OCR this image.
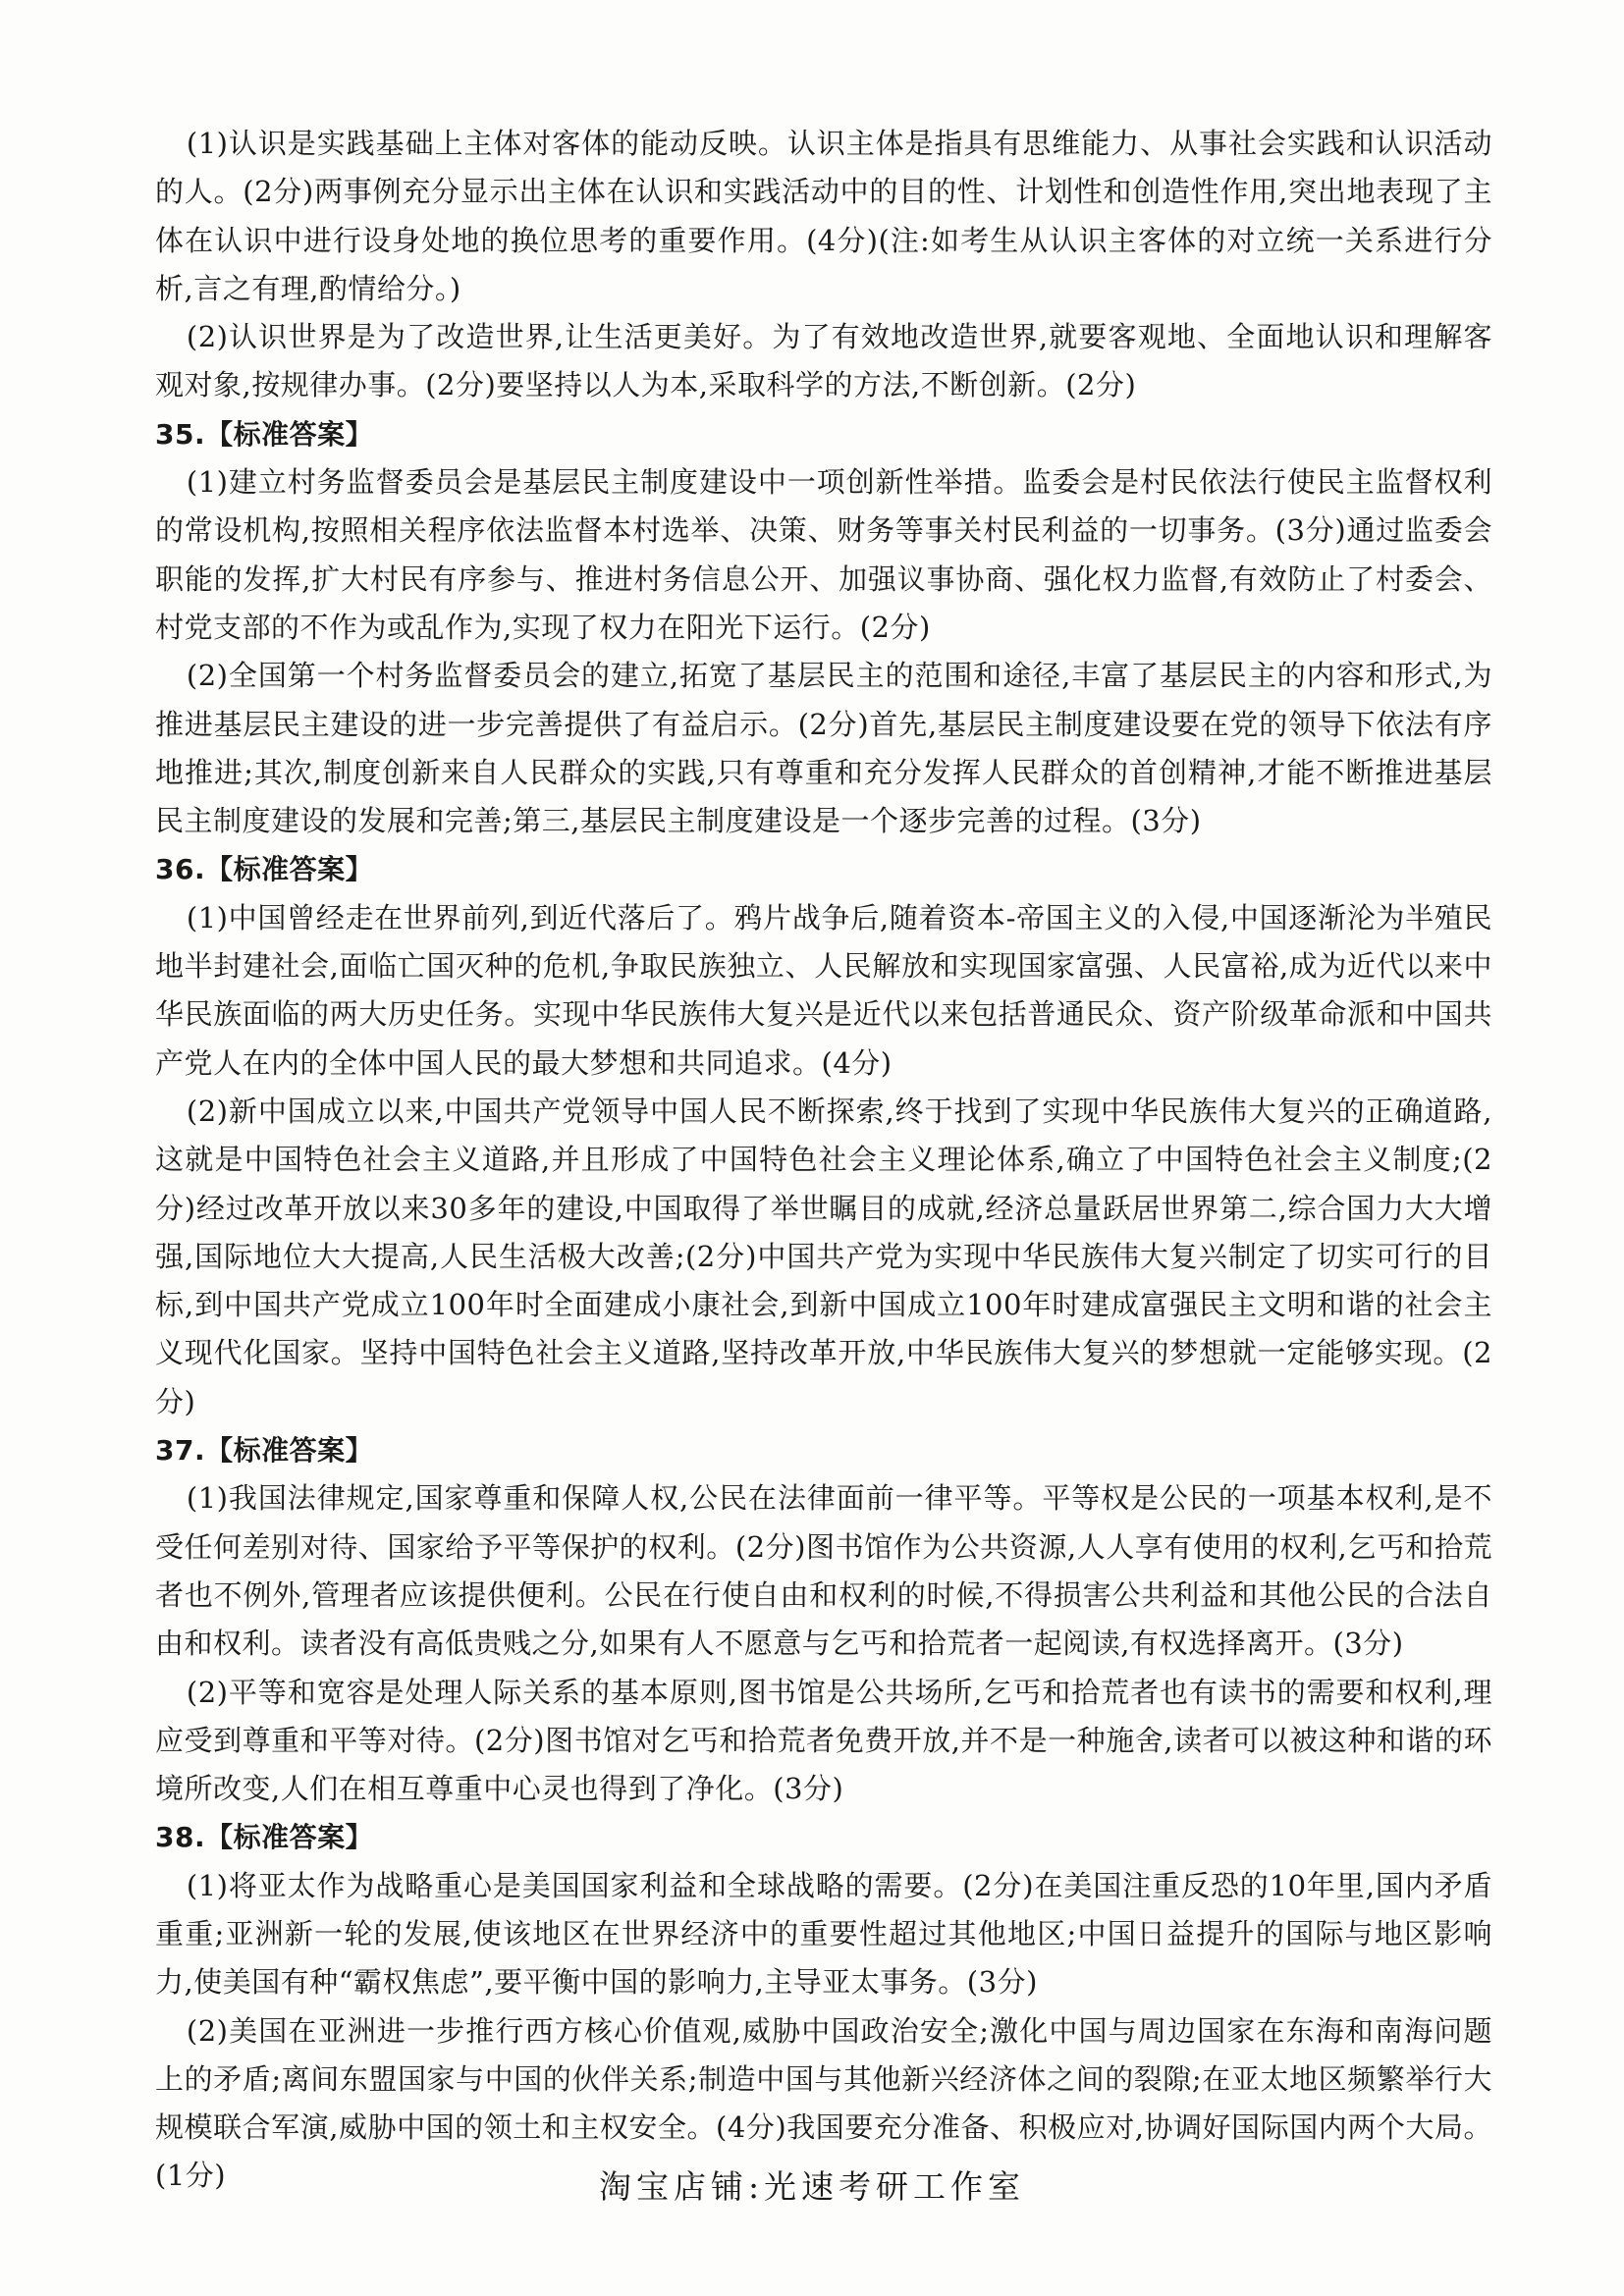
(1)认识是实践基础上主体对客体的能动反映。认识主体是指具有思维能力、从事社会实践和认识活动的人。(2分)两事例充分显示出主体在认识和实践活动中的目的性、计划性和创造性作用,突出地表现了主体在认识中进行设身处地的换位思考的重要作用。(4分)(注:如考生从认识主客体的对立统一关系进行分析,言之有理,酌情给分。)

(2)认识世界是为了改造世界,让生活更美好。为了有效地改造世界,就要客观地、全面地认识和理解客观对象,按规律办事。(2分)要坚持以人为本,采取科学的方法,不断创新。(2分)

35.【标准答案】

(1)建立村务监督委员会是基层民主制度建设中一项创新性举措。监委会是村民依法行使民主监督权利的常设机构,按照相关程序依法监督本村选举、决策、财务等事关村民利益的一切事务。(3分)通过监委会职能的发挥,扩大村民有序参与、推进村务信息公开、加强议事协商、强化权力监督,有效防止了村委会、村党支部的不作为或乱作为,实现了权力在阳光下运行。(2分)

(2)全国第一个村务监督委员会的建立,拓宽了基层民主的范围和途径,丰富了基层民主的内容和形式,为推进基层民主建设的进一步完善提供了有益启示。(2分)首先,基层民主制度建设要在党的领导下依法有序地推进;其次,制度创新来自人民群众的实践,只有尊重和充分发挥人民群众的首创精神,才能不断推进基层民主制度建设的发展和完善;第三,基层民主制度建设是一个逐步完善的过程。(3分)

36.【标准答案】

(1)中国曾经走在世界前列,到近代落后了。鸦片战争后,随着资本-帝国主义的入侵,中国逐渐沦为半殖民地半封建社会,面临亡国灭种的危机,争取民族独立、人民解放和实现国家富强、人民富裕,成为近代以来中华民族面临的两大历史任务。实现中华民族伟大复兴是近代以来包括普通民众、资产阶级革命派和中国共产党人在内的全体中国人民的最大梦想和共同追求。(4分)

(2)新中国成立以来,中国共产党领导中国人民不断探索,终于找到了实现中华民族伟大复兴的正确道路,这就是中国特色社会主义道路,并且形成了中国特色社会主义理论体系,确立了中国特色社会主义制度;(2分)经过改革开放以来30多年的建设,中国取得了举世瞩目的成就,经济总量跃居世界第二,综合国力大大增强,国际地位大大提高,人民生活极大改善;(2分)中国共产党为实现中华民族伟大复兴制定了切实可行的目标,到中国共产党成立100年时全面建成小康社会,到新中国成立100年时建成富强民主文明和谐的社会主义现代化国家。坚持中国特色社会主义道路,坚持改革开放,中华民族伟大复兴的梦想就一定能够实现。(2分)

37.【标准答案】

(1)我国法律规定,国家尊重和保障人权,公民在法律面前一律平等。平等权是公民的一项基本权利,是不受任何差别对待、国家给予平等保护的权利。(2分)图书馆作为公共资源,人人享有使用的权利,乞丐和拾荒者也不例外,管理者应该提供便利。公民在行使自由和权利的时候,不得损害公共利益和其他公民的合法自由和权利。读者没有高低贵贱之分,如果有人不愿意与乞丐和拾荒者一起阅读,有权选择离开。(3分)

(2)平等和宽容是处理人际关系的基本原则,图书馆是公共场所,乞丐和拾荒者也有读书的需要和权利,理应受到尊重和平等对待。(2分)图书馆对乞丐和拾荒者免费开放,并不是一种施舍,读者可以被这种和谐的环境所改变,人们在相互尊重中心灵也得到了净化。(3分)

38.【标准答案】

(1)将亚太作为战略重心是美国国家利益和全球战略的需要。(2分)在美国注重反恐的10年里,国内矛盾重重;亚洲新一轮的发展,使该地区在世界经济中的重要性超过其他地区;中国日益提升的国际与地区影响力,使美国有种“霸权焦虑”,要平衡中国的影响力,主导亚太事务。(3分)

(2)美国在亚洲进一步推行西方核心价值观,威胁中国政治安全;激化中国与周边国家在东海和南海问题上的矛盾;离间东盟国家与中国的伙伴关系;制造中国与其他新兴经济体之间的裂隙;在亚太地区频繁举行大规模联合军演,威胁中国的领土和主权安全。(4分)我国要充分准备、积极应对,协调好国际国内两个大局。(1分)	淘宝店铺:光速考研工作室
